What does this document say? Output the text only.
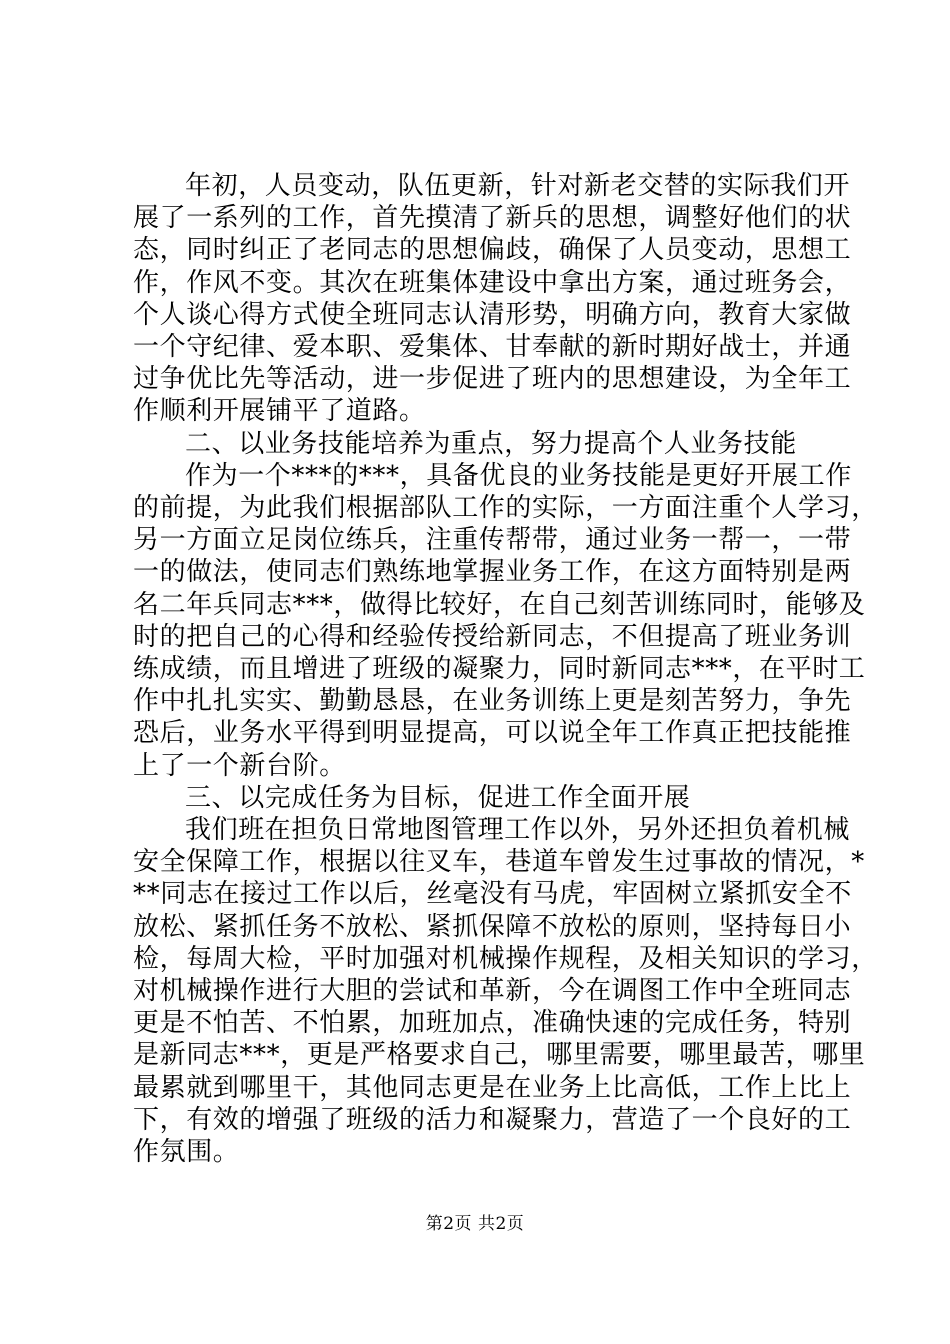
年初，人员变动，队伍更新，针对新老交替的实际我们开
展了一系列的工作，首先摸清了新兵的思想，调整好他们的状
态，同时纠正了老同志的思想偏歧，确保了人员变动，思想工
作，作风不变。其次在班集体建设中拿出方案，通过班务会，
个人谈心得方式使全班同志认清形势，明确方向，教育大家做
一个守纪律、爱本职、爱集体、甘奉献的新时期好战士，并通
过争优比先等活动，进一步促进了班内的思想建设，为全年工
作顺利开展铺平了道路。
二、以业务技能培养为重点，努力提高个人业务技能
作为一个***的***，具备优良的业务技能是更好开展工作
的前提，为此我们根据部队工作的实际，一方面注重个人学习，
另一方面立足岗位练兵，注重传帮带，通过业务一帮一，一带
一的做法，使同志们熟练地掌握业务工作，在这方面特别是两
名二年兵同志***，做得比较好，在自己刻苦训练同时，能够及
时的把自己的心得和经验传授给新同志，不但提高了班业务训
练成绩，而且增进了班级的凝聚力，同时新同志***，在平时工
作中扎扎实实、勤勤恳恳，在业务训练上更是刻苦努力，争先
恐后，业务水平得到明显提高，可以说全年工作真正把技能推
上了一个新台阶。
三、以完成任务为目标，促进工作全面开展
我们班在担负日常地图管理工作以外，另外还担负着机械
安全保障工作，根据以往叉车，巷道车曾发生过事故的情况，*
**同志在接过工作以后，丝毫没有马虎，牢固树立紧抓安全不
放松、紧抓任务不放松、紧抓保障不放松的原则，坚持每日小
检，每周大检，平时加强对机械操作规程，及相关知识的学习，
对机械操作进行大胆的尝试和革新，今在调图工作中全班同志
更是不怕苦、不怕累，加班加点，准确快速的完成任务，特别
是新同志***，更是严格要求自己，哪里需要，哪里最苦，哪里
最累就到哪里干，其他同志更是在业务上比高低，工作上比上
下，有效的增强了班级的活力和凝聚力，营造了一个良好的工
作氛围。
第2页 共2页
